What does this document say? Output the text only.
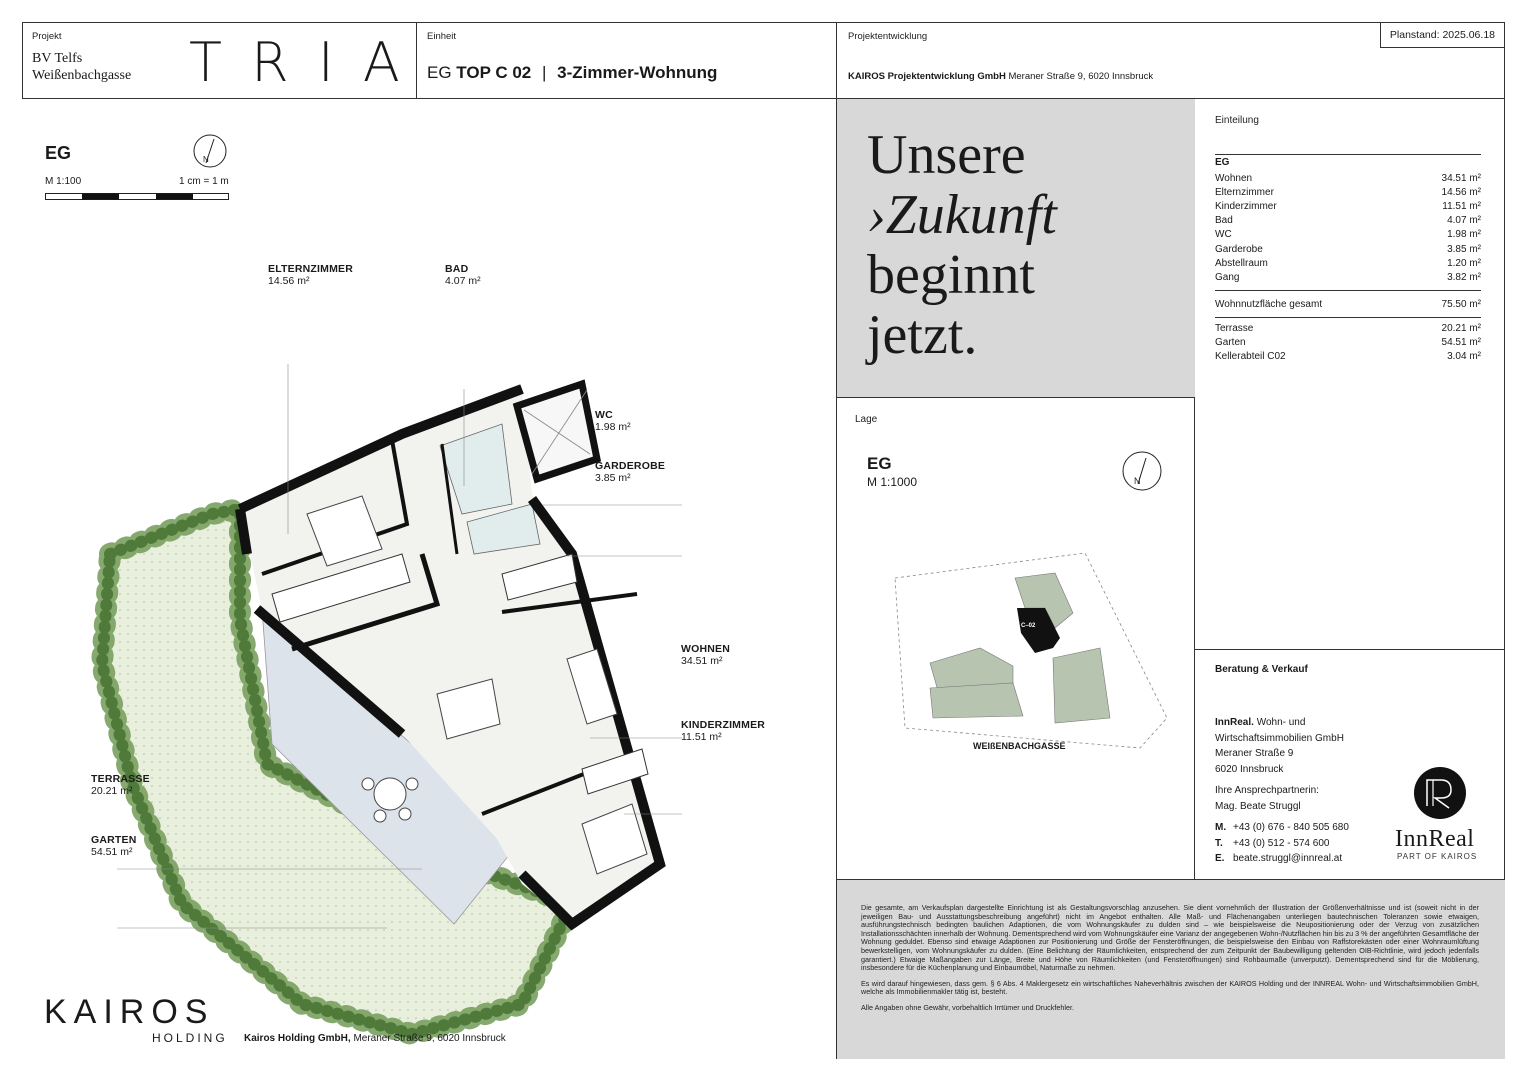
Projekt
BV Telfs
Weißenbachgasse T R I A Einheit
EG TOP C 02 | 3-Zimmer-Wohnung
Projektentwicklung
KAIROS Projektentwicklung GmbH Meraner Straße 9, 6020 Innsbruck
Planstand: 2025.06.18
EG
M 1:100	1 cm = 1 m
N
ELTERNZIMMER
14.56 m²
BAD
4.07 m²
WC
1.98 m²
GARDEROBE
3.85 m²
WOHNEN
34.51 m²
KINDERZIMMER
11.51 m²
TERRASSE
20.21 m²
GARTEN
54.51 m²
KAIROS
HOLDING Kairos Holding GmbH, Meraner Straße 9, 6020 Innsbruck
Unsere
›Zukunft
beginnt
jetzt.
Lage
EG
M 1:1000	N
C–02
WEIßENBACHGASSE
Einteilung
EG
Wohnen	34.51 m²
Elternzimmer	14.56 m²
Kinderzimmer	11.51 m²
Bad	4.07 m²
WC	1.98 m²
Garderobe	3.85 m²
Abstellraum	1.20 m²
Gang	3.82 m²
Wohnnutzfläche gesamt	75.50 m²
Terrasse	20.21 m²
Garten	54.51 m²
Kellerabteil C02	3.04 m²
Beratung & Verkauf
InnReal. Wohn- und
Wirtschaftsimmobilien GmbH
Meraner Straße 9
6020 Innsbruck
Ihre Ansprechpartnerin:
Mag. Beate Struggl
M. +43 (0) 676 - 840 505 680
T. +43 (0) 512 - 574 600
E. beate.struggl@innreal.at
InnReal
PART OF KAIROS

Die gesamte, am Verkaufsplan dargestellte Einrichtung ist als Gestaltungsvorschlag anzusehen. Sie dient vornehmlich der Illustration der Größenverhältnisse und ist (soweit nicht in der jeweiligen Bau- und Ausstattungsbeschreibung angeführt) nicht im Angebot enthalten. Alle Maß- und Flächenangaben unterliegen bautechnischen Toleranzen sowie etwaigen, ausführungstechnisch bedingten baulichen Adaptionen, die vom Wohnungskäufer zu dulden sind – wie beispielsweise die Neupositionierung oder der Verzug von zusätzlichen Installationsschächten innerhalb der Wohnung. Dementsprechend wird vom Wohnungskäufer eine Varianz der angegebenen Wohn-/Nutzflächen hin bis zu 3 % der angeführten Gesamtfläche der Wohnung geduldet. Ebenso sind etwaige Adaptionen zur Positionierung und Größe der Fensteröffnungen, die beispielsweise den Einbau von Raffstorekästen oder einer Wohnraumlüftung bewerkstelligen, vom Wohnungskäufer zu dulden. (Eine Belichtung der Räumlichkeiten, entsprechend der zum Zeitpunkt der Baubewilligung geltenden OIB-Richtlinie, wird jedoch jedenfalls garantiert.) Etwaige Maßangaben zur Länge, Breite und Höhe von Räumlichkeiten (und Fensteröffnungen) sind Rohbaumaße (unverputzt). Dementsprechend sind für die Möblierung, insbesondere für die Küchenplanung und Einbaumöbel, Naturmaße zu nehmen.

Es wird darauf hingewiesen, dass gem. § 6 Abs. 4 Maklergesetz ein wirtschaftliches Naheverhältnis zwischen der KAIROS Holding und der INNREAL Wohn- und Wirtschaftsimmobilien GmbH, welche als Immobilienmakler tätig ist, besteht.

Alle Angaben ohne Gewähr, vorbehaltlich Irrtümer und Druckfehler.
